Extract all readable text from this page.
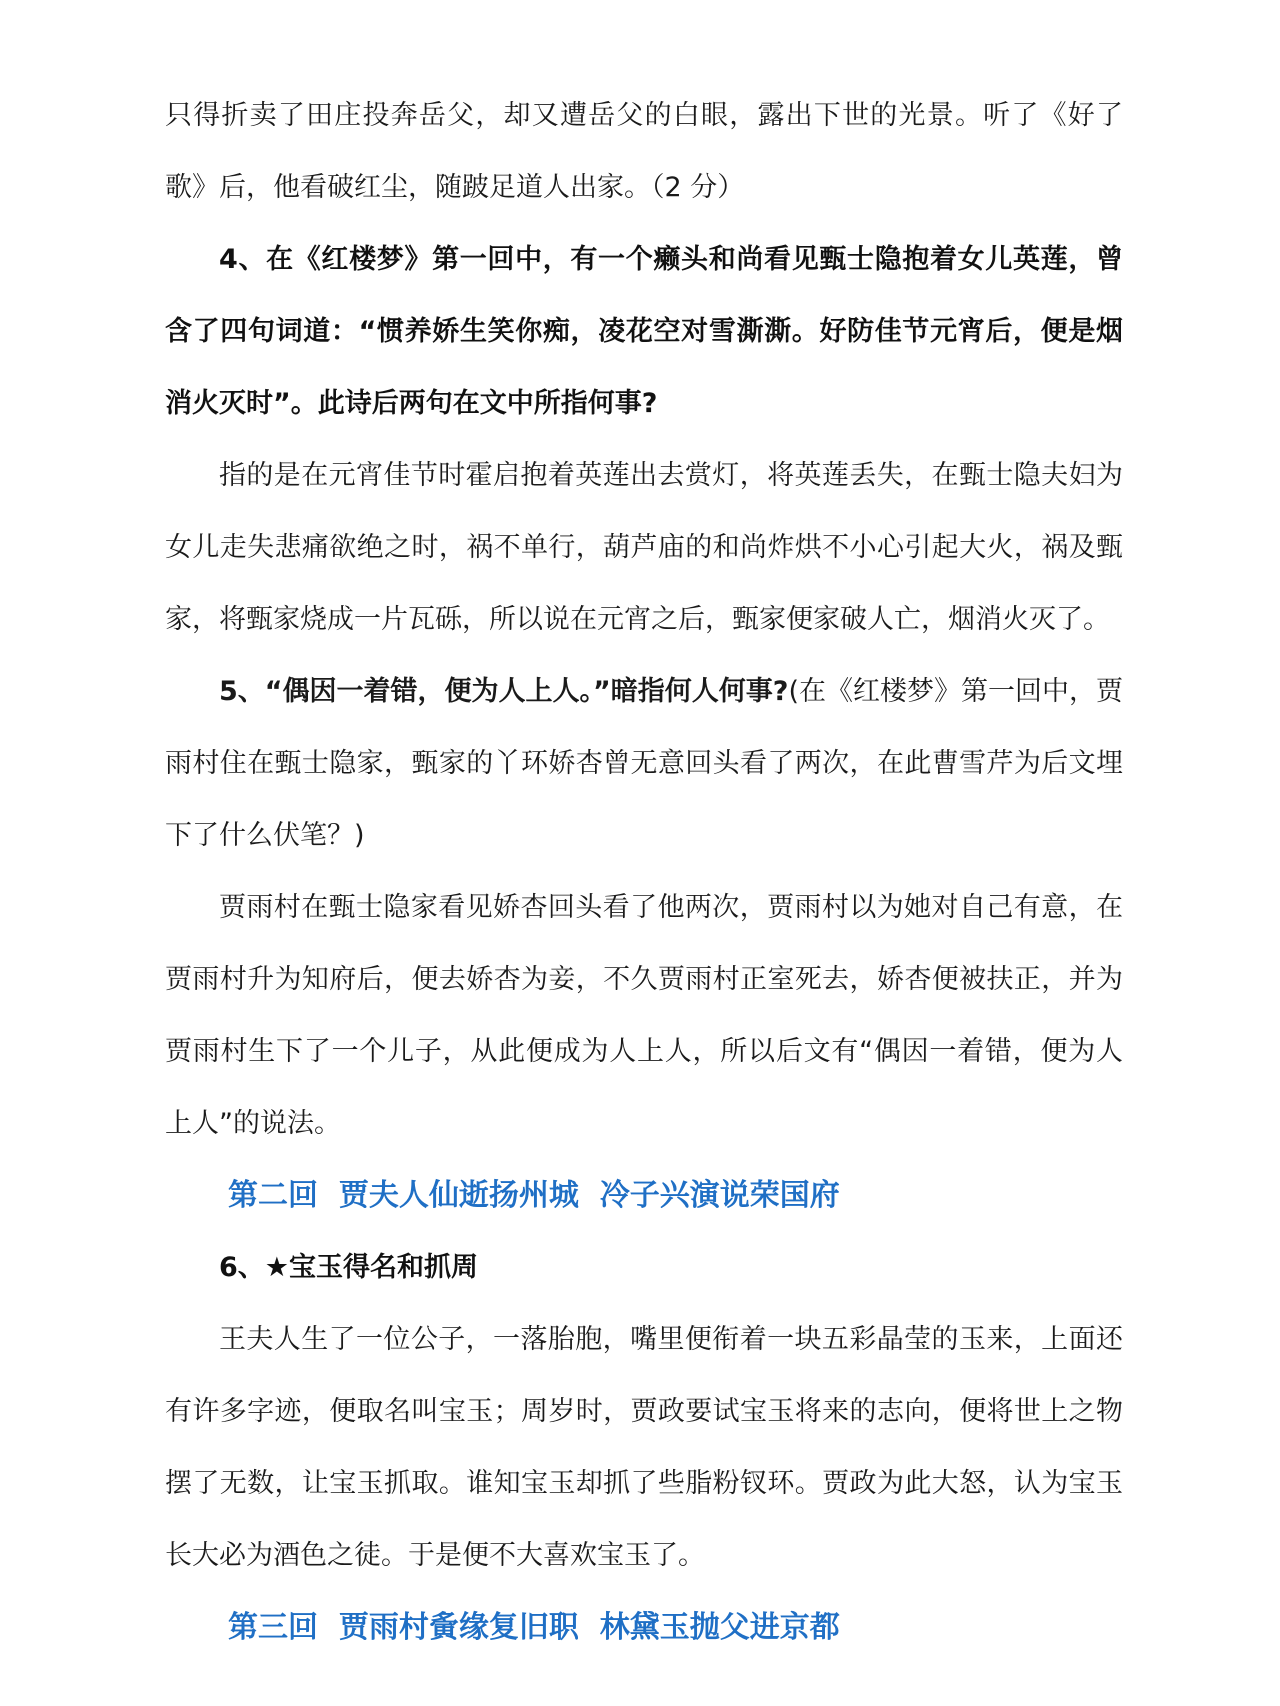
只得折卖了田庄投奔岳父，却又遭岳父的白眼，露出下世的光景。听了《好了歌》后，他看破红尘，随跛足道人出家。（2 分）

4、在《红楼梦》第一回中，有一个癞头和尚看见甄士隐抱着女儿英莲，曾含了四句词道：“惯养娇生笑你痴，凌花空对雪澌澌。好防佳节元宵后，便是烟消火灭时”。此诗后两句在文中所指何事?

指的是在元宵佳节时霍启抱着英莲出去赏灯，将英莲丢失，在甄士隐夫妇为女儿走失悲痛欲绝之时，祸不单行，葫芦庙的和尚炸烘不小心引起大火，祸及甄家，将甄家烧成一片瓦砾，所以说在元宵之后，甄家便家破人亡，烟消火灭了。

5、“偶因一着错，便为人上人。”暗指何人何事?(在《红楼梦》第一回中，贾雨村住在甄士隐家，甄家的丫环娇杏曾无意回头看了两次，在此曹雪芹为后文埋下了什么伏笔？)

贾雨村在甄士隐家看见娇杏回头看了他两次，贾雨村以为她对自己有意，在贾雨村升为知府后，便去娇杏为妾，不久贾雨村正室死去，娇杏便被扶正，并为贾雨村生下了一个儿子，从此便成为人上人，所以后文有“偶因一着错，便为人上人”的说法。

第二回  贾夫人仙逝扬州城  冷子兴演说荣国府

6、★宝玉得名和抓周

王夫人生了一位公子，一落胎胞，嘴里便衔着一块五彩晶莹的玉来，上面还有许多字迹，便取名叫宝玉；周岁时，贾政要试宝玉将来的志向，便将世上之物摆了无数，让宝玉抓取。谁知宝玉却抓了些脂粉钗环。贾政为此大怒，认为宝玉长大必为酒色之徒。于是便不大喜欢宝玉了。

第三回  贾雨村夤缘复旧职  林黛玉抛父进京都
